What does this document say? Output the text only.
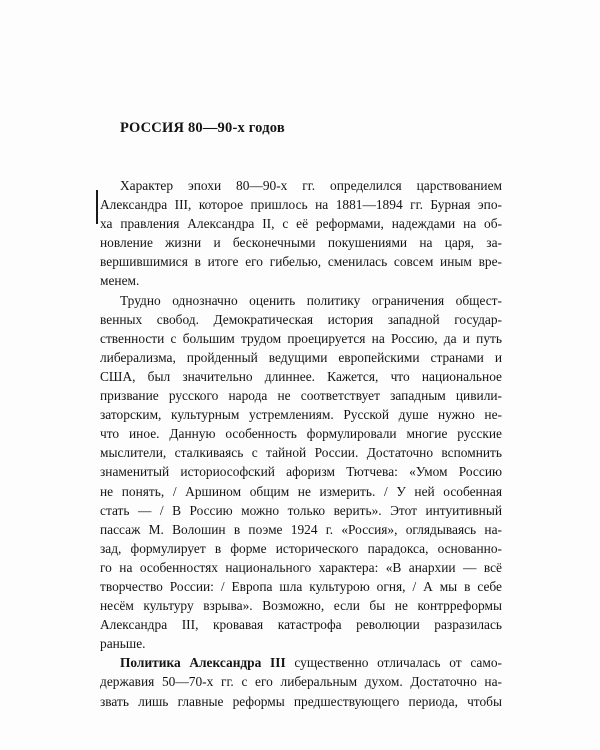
РОССИЯ 80—90-х годов
Характер эпохи 80—90-х гг. определился царствованием
Александра III, которое пришлось на 1881—1894 гг. Бурная эпо-
ха правления Александра II, с её реформами, надеждами на об-
новление жизни и бесконечными покушениями на царя, за-
вершившимися в итоге его гибелью, сменилась совсем иным вре-
менем.
Трудно однозначно оценить политику ограничения общест-
венных свобод. Демократическая история западной государ-
ственности с большим трудом проецируется на Россию, да и путь
либерализма, пройденный ведущими европейскими странами и
США, был значительно длиннее. Кажется, что национальное
призвание русского народа не соответствует западным цивили-
заторским, культурным устремлениям. Русской душе нужно не-
что иное. Данную особенность формулировали многие русские
мыслители, сталкиваясь с тайной России. Достаточно вспомнить
знаменитый историософский афоризм Тютчева: «Умом Россию
не понять, / Аршином общим не измерить. / У ней особенная
стать — / В Россию можно только верить». Этот интуитивный
пассаж М. Волошин в поэме 1924 г. «Россия», оглядываясь на-
зад, формулирует в форме исторического парадокса, основанно-
го на особенностях национального характера: «В анархии — всё
творчество России: / Европа шла культурою огня, / А мы в себе
несём культуру взрыва». Возможно, если бы не контрреформы
Александра III, кровавая катастрофа революции разразилась
раньше.
Политика Александра III существенно отличалась от само-
державия 50—70-х гг. с его либеральным духом. Достаточно на-
звать лишь главные реформы предшествующего периода, чтобы
